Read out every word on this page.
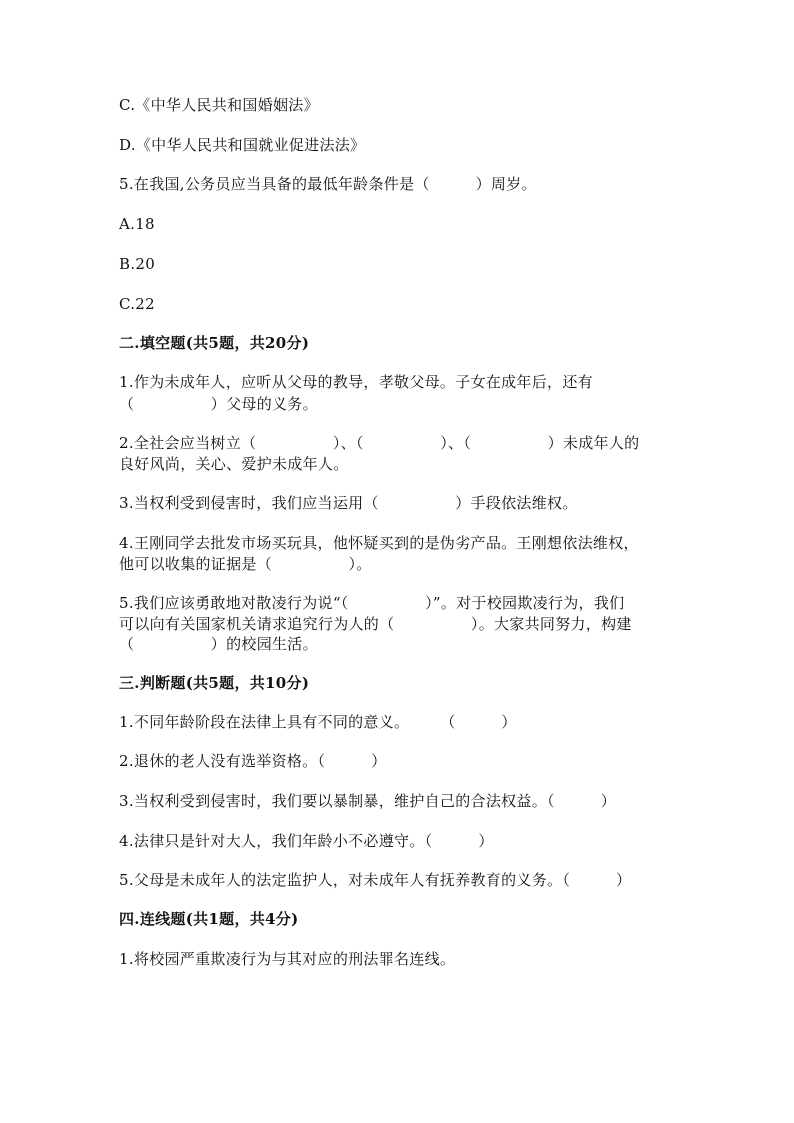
C.《中华人民共和国婚姻法》
D.《中华人民共和国就业促进法法》
5.在我国,公务员应当具备的最低年龄条件是（　　　）周岁。
A.18
B.20
C.22
二.填空题(共5题，共20分)
1.作为未成年人，应听从父母的教导，孝敬父母。子女在成年后，还有
（　　　　　）父母的义务。
2.全社会应当树立（　　　　　）、（　　　　　）、（　　　　　）未成年人的
良好风尚，关心、爱护未成年人。
3.当权利受到侵害时，我们应当运用（　　　　　）手段依法维权。
4.王刚同学去批发市场买玩具，他怀疑买到的是伪劣产品。王刚想依法维权，
他可以收集的证据是（　　　　　）。
5.我们应该勇敢地对散凌行为说“（　　　　　）”。对于校园欺凌行为，我们
可以向有关国家机关请求追究行为人的（　　　　　）。大家共同努力，构建
（　　　　　）的校园生活。
三.判断题(共5题，共10分)
1.不同年龄阶段在法律上具有不同的意义。　　　（　　　）
2.退休的老人没有选举资格。（　　　）
3.当权利受到侵害时，我们要以暴制暴，维护自己的合法权益。（　　　）
4.法律只是针对大人，我们年龄小不必遵守。（　　　）
5.父母是未成年人的法定监护人，对未成年人有抚养教育的义务。（　　　）
四.连线题(共1题，共4分)
1.将校园严重欺凌行为与其对应的刑法罪名连线。
